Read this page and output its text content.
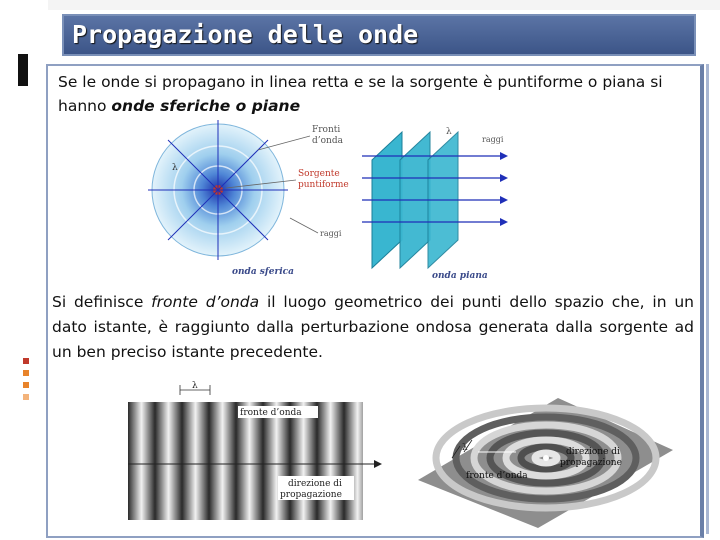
Propagazione delle onde
Se le onde si propagano in linea retta e se la sorgente è puntiforme o piana si hanno onde sferiche o piane
Fronti
d’onda
Sorgente
puntiforme
raggi
onda sferica
λ
λ
raggi
onda piana
Si definisce fronte d’onda il luogo geometrico dei punti dello spazio che, in un dato istante, è raggiunto dalla perturbazione ondosa generata dalla sorgente ad un ben preciso istante precedente.
λ
fronte d’onda
direzione di
propagazione
λ
fronte d’onda
direzione di
propagazione
